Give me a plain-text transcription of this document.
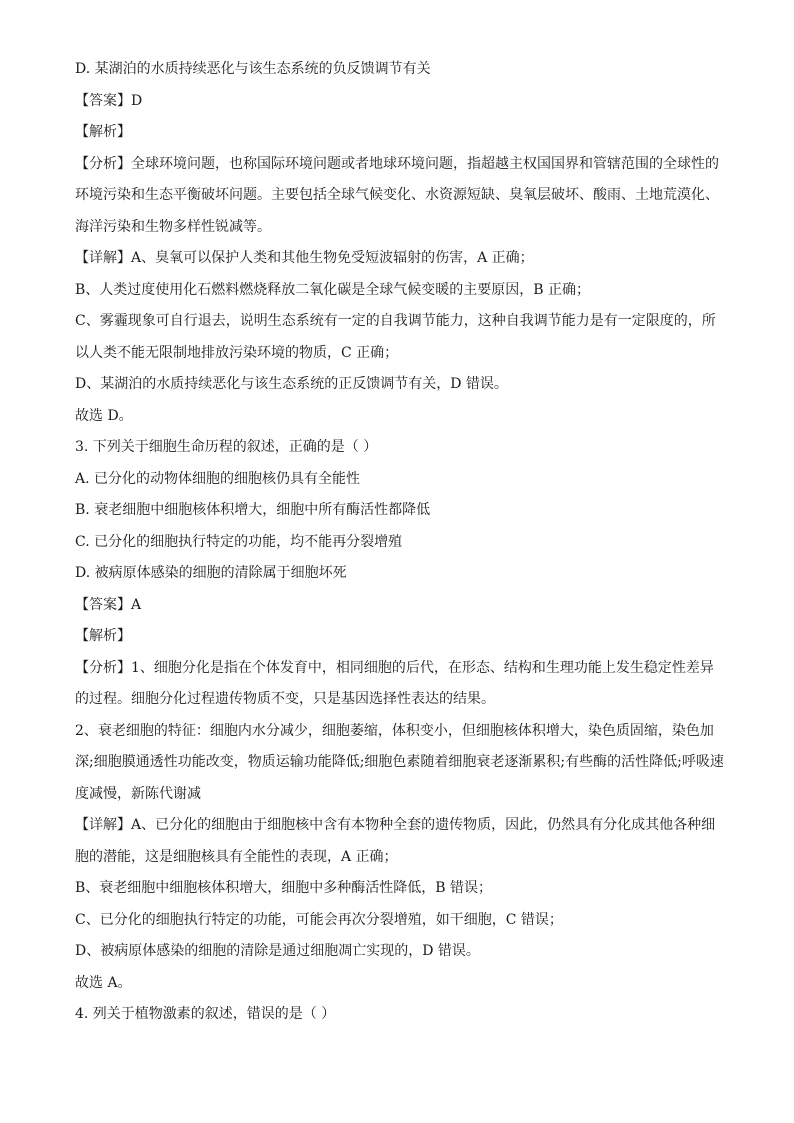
D. 某湖泊的水质持续恶化与该生态系统的负反馈调节有关
【答案】D
【解析】
【分析】全球环境问题，也称国际环境问题或者地球环境问题，指超越主权国国界和管辖范围的全球性的
环境污染和生态平衡破坏问题。主要包括全球气候变化、水资源短缺、臭氧层破坏、酸雨、土地荒漠化、
海洋污染和生物多样性锐减等。
【详解】A、臭氧可以保护人类和其他生物免受短波辐射的伤害，A 正确；
B、人类过度使用化石燃料燃烧释放二氧化碳是全球气候变暖的主要原因，B 正确；
C、雾霾现象可自行退去，说明生态系统有一定的自我调节能力，这种自我调节能力是有一定限度的，所
以人类不能无限制地排放污染环境的物质，C 正确；
D、某湖泊的水质持续恶化与该生态系统的正反馈调节有关，D 错误。
故选 D。
3. 下列关于细胞生命历程的叙述，正确的是（ ）
A. 已分化的动物体细胞的细胞核仍具有全能性
B. 衰老细胞中细胞核体积增大，细胞中所有酶活性都降低
C. 已分化的细胞执行特定的功能，均不能再分裂增殖
D. 被病原体感染的细胞的清除属于细胞坏死
【答案】A
【解析】
【分析】1、细胞分化是指在个体发育中，相同细胞的后代，在形态、结构和生理功能上发生稳定性差异
的过程。细胞分化过程遗传物质不变，只是基因选择性表达的结果。
2、衰老细胞的特征：细胞内水分减少，细胞萎缩，体积变小，但细胞核体积增大，染色质固缩，染色加
深;细胞膜通透性功能改变，物质运输功能降低;细胞色素随着细胞衰老逐渐累积;有些酶的活性降低;呼吸速
度减慢，新陈代谢减
【详解】A、已分化的细胞由于细胞核中含有本物种全套的遗传物质，因此，仍然具有分化成其他各种细
胞的潜能，这是细胞核具有全能性的表现，A 正确；
B、衰老细胞中细胞核体积增大，细胞中多种酶活性降低，B 错误；
C、已分化的细胞执行特定的功能，可能会再次分裂增殖，如干细胞，C 错误；
D、被病原体感染的细胞的清除是通过细胞凋亡实现的，D 错误。
故选 A。
4. 列关于植物激素的叙述，错误的是（ ）
